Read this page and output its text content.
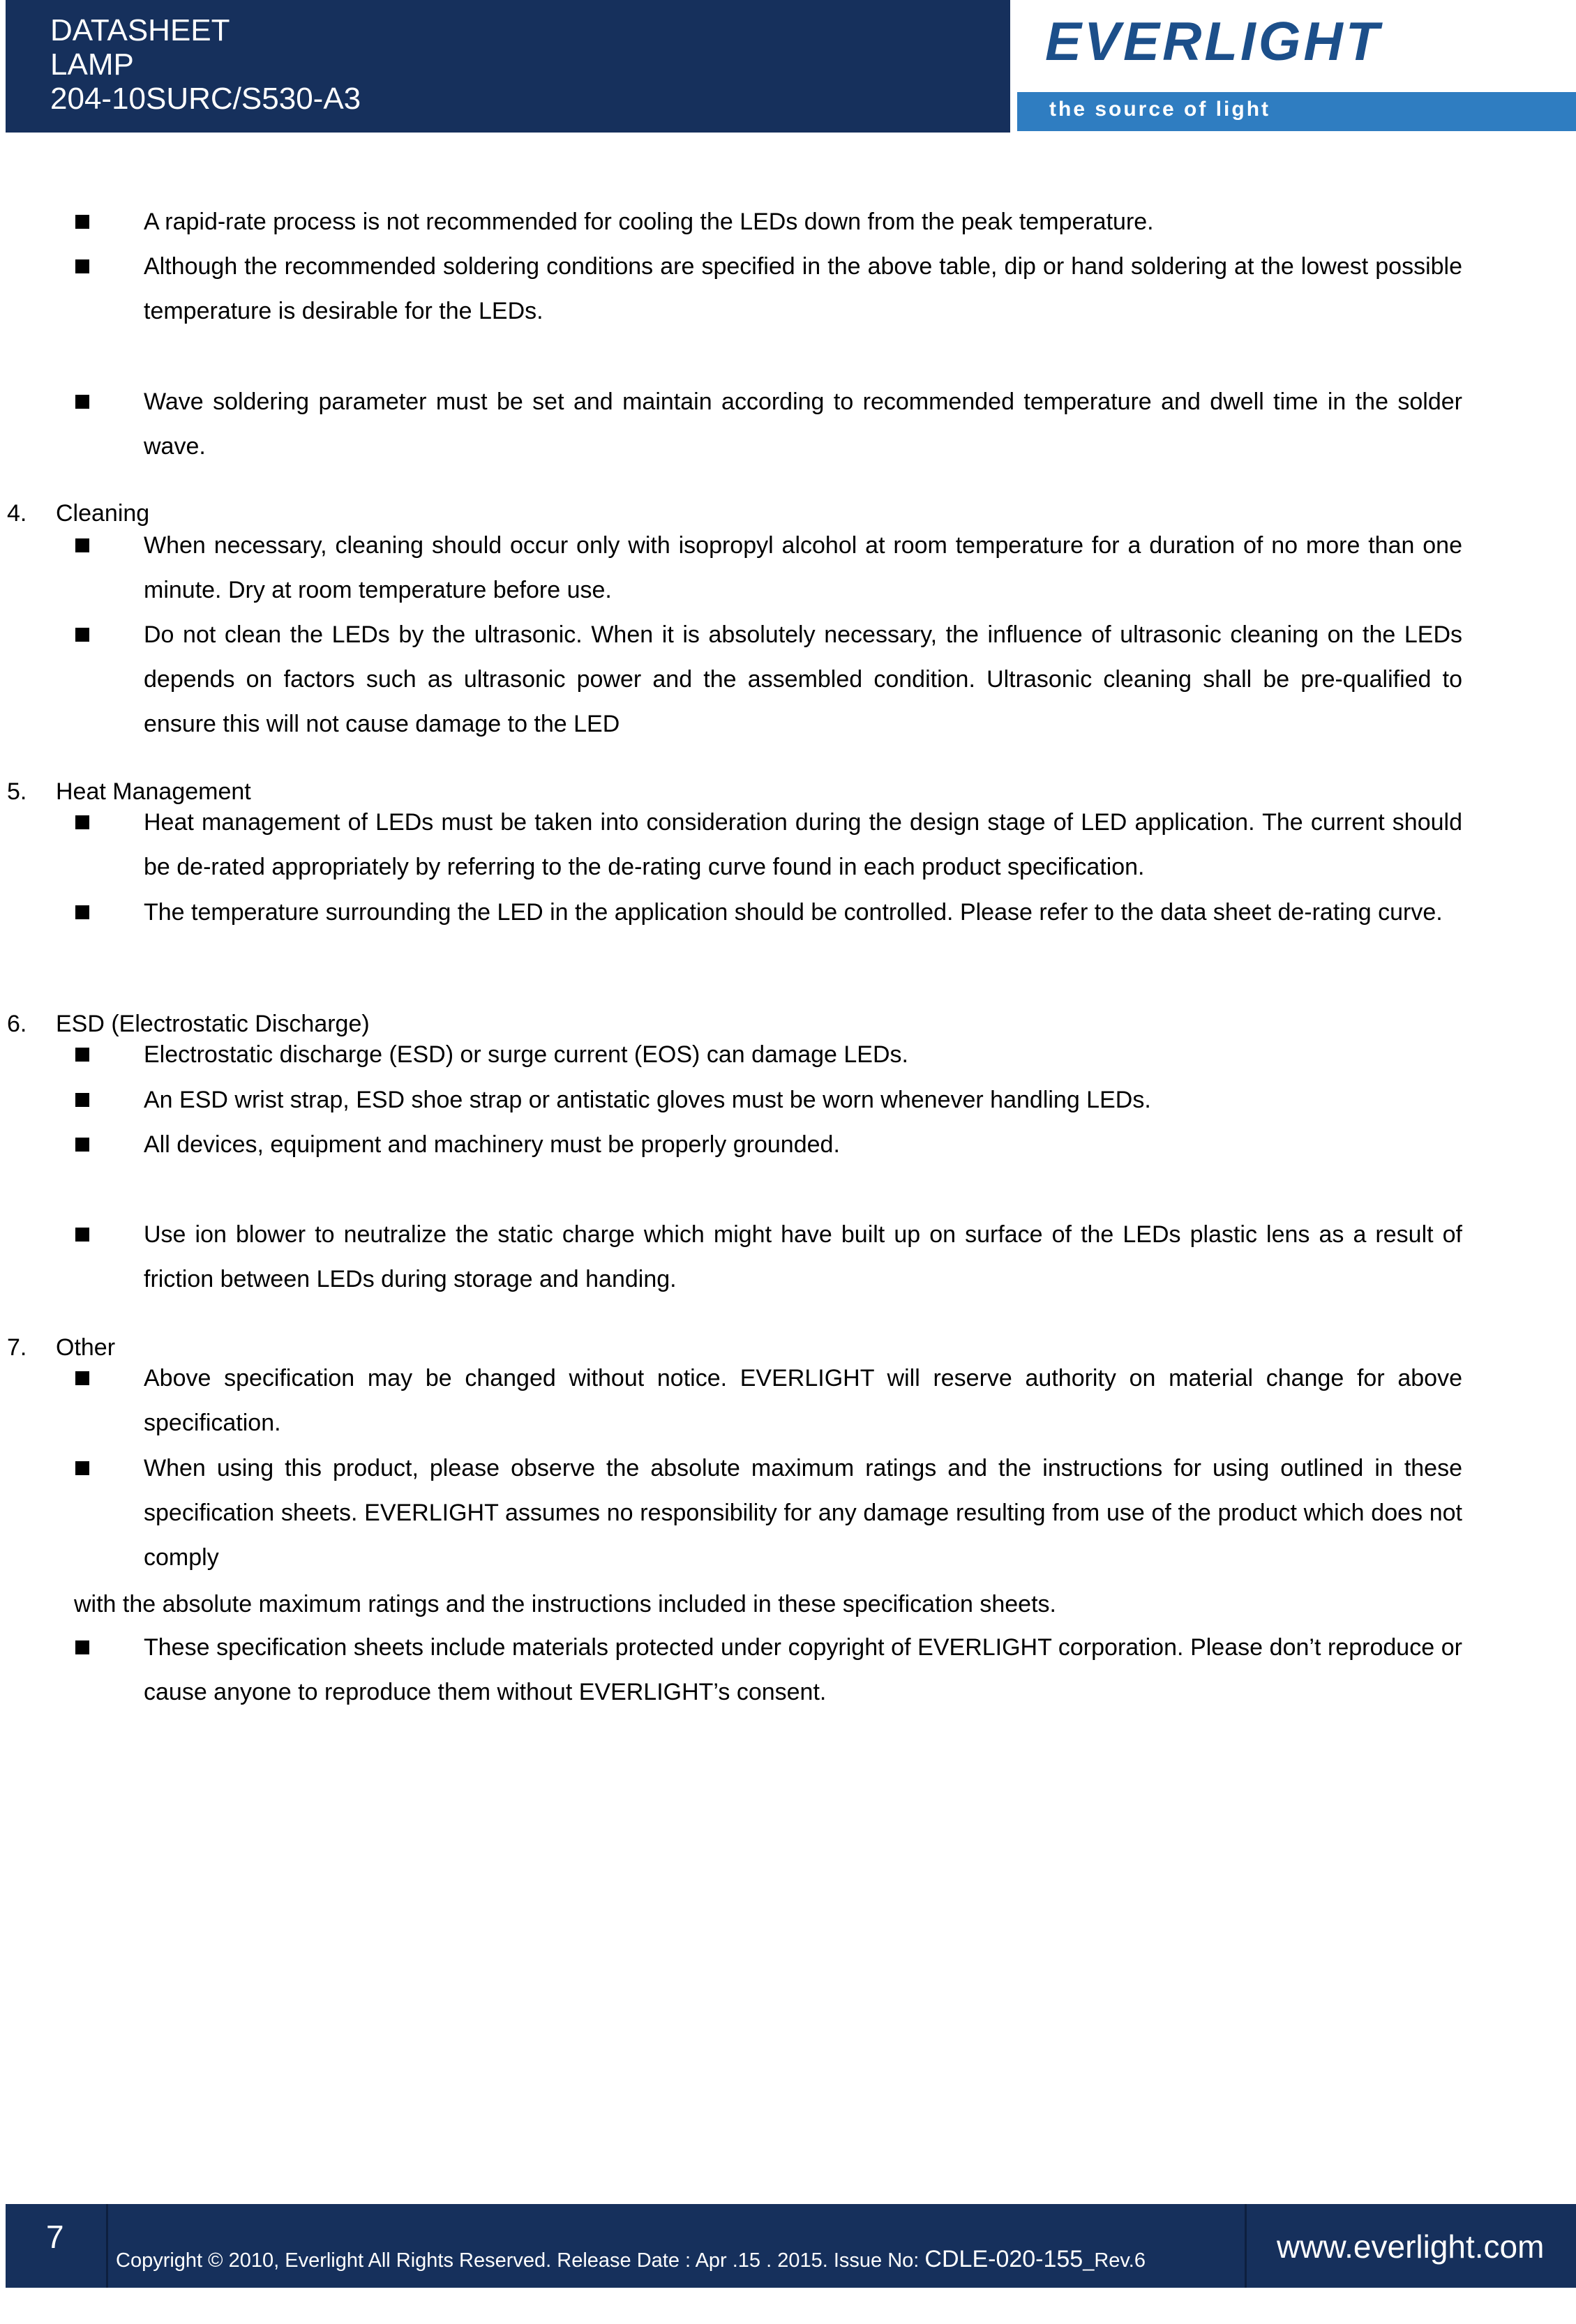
DATASHEET
LAMP
204-10SURC/S530-A3
EVERLIGHT
the source of light
A rapid-rate process is not recommended for cooling the LEDs down from the peak temperature.
Although the recommended soldering conditions are specified in the above table, dip or hand soldering at the lowest possible temperature is desirable for the LEDs.
Wave soldering parameter must be set and maintain according to recommended temperature and dwell time in the solder wave.
4. Cleaning
When necessary, cleaning should occur only with isopropyl alcohol at room temperature for a duration of no more than one minute. Dry at room temperature before use.
Do not clean the LEDs by the ultrasonic. When it is absolutely necessary, the influence of ultrasonic cleaning on the LEDs depends on factors such as ultrasonic power and the assembled condition. Ultrasonic cleaning shall be pre-qualified to ensure this will not cause damage to the LED
5. Heat Management
Heat management of LEDs must be taken into consideration during the design stage of LED application. The current should be de-rated appropriately by referring to the de-rating curve found in each product specification.
The temperature surrounding the LED in the application should be controlled. Please refer to the data sheet de-rating curve.
6. ESD (Electrostatic Discharge)
Electrostatic discharge (ESD) or surge current (EOS) can damage LEDs.
An ESD wrist strap, ESD shoe strap or antistatic gloves must be worn whenever handling LEDs.
All devices, equipment and machinery must be properly grounded.
Use ion blower to neutralize the static charge which might have built up on surface of the LEDs plastic lens as a result of friction between LEDs during storage and handing.
7. Other
Above specification may be changed without notice. EVERLIGHT will reserve authority on material change for above specification.
When using this product, please observe the absolute maximum ratings and the instructions for using outlined in these specification sheets. EVERLIGHT assumes no responsibility for any damage resulting from use of the product which does not comply
with the absolute maximum ratings and the instructions included in these specification sheets.
These specification sheets include materials protected under copyright of EVERLIGHT corporation. Please don’t reproduce or cause anyone to reproduce them without EVERLIGHT’s consent.
7
Copyright © 2010, Everlight All Rights Reserved. Release Date : Apr .15 . 2015. Issue No: CDLE-020-155_Rev.6	www.everlight.com
